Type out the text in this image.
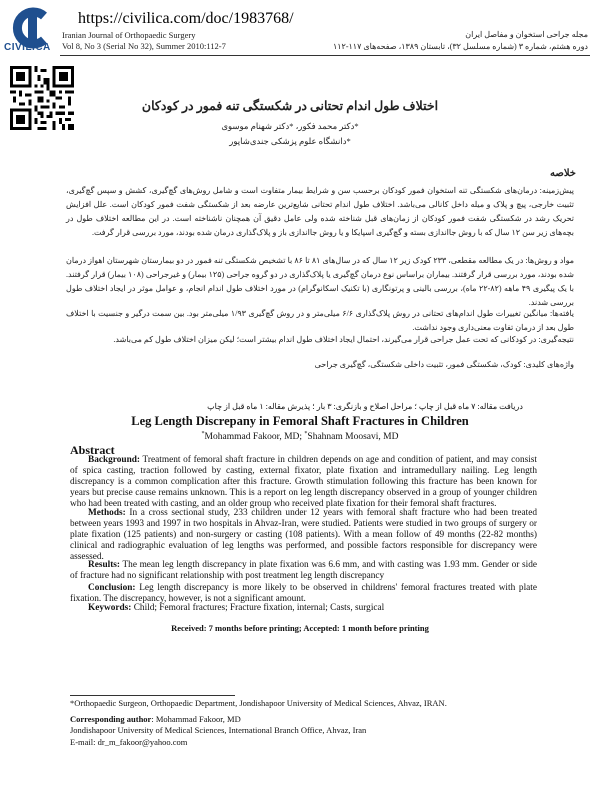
CIVILICA
https://civilica.com/doc/1983768/
Iranian Journal of Orthopaedic Surgery
Vol 8, No 3 (Serial No 32), Summer 2010:112-7
مجله جراحی استخوان و مفاصل ایران
دوره هشتم، شماره ۳ (شماره مسلسل ۳۲)، تابستان ۱۳۸۹، صفحه‌های ۱۱۷-۱۱۲
اختلاف طول اندام تحتانی در شکستگی تنه فمور در کودکان
*دکتر محمد فکور، *دکتر شهنام موسوی
*دانشگاه علوم پزشکی جندی‌شاپور
خلاصه
پیش‌زمینه: درمان‌های شکستگی تنه استخوان فمور کودکان برحسب سن و شرایط بیمار متفاوت است و شامل روش‌های گچ‌گیری، کشش و سپس گچ‌گیری، تثبیت خارجی، پیچ و پلاک و میله داخل کانالی می‌باشد. اختلاف طول اندام تحتانی شایع‌ترین عارضه بعد از شکستگی شفت فمور کودکان است. علل افزایش تحریک رشد در شکستگی شفت فمور کودکان از زمان‌های قبل شناخته شده ولی عامل دقیق آن همچنان ناشناخته است. در این مطالعه اختلاف طول در بچه‌های زیر سن ۱۲ سال که با روش جااندازی بسته و گچ‌گیری اسپایکا و یا روش جااندازی باز و پلاک‌گذاری درمان شده بودند، مورد بررسی قرار گرفت.
مواد و روش‌ها: در یک مطالعه مقطعی، ۲۳۳ کودک زیر ۱۲ سال که در سال‌های ۸۱ تا ۸۶ با تشخیص شکستگی تنه فمور در دو بیمارستان شهرستان اهواز درمان شده بودند، مورد بررسی قرار گرفتند. بیماران براساس نوع درمان گچ‌گیری یا پلاک‌گذاری در دو گروه جراحی (۱۲۵ بیمار) و غیرجراحی (۱۰۸ بیمار) قرار گرفتند. با یک پیگیری ۴۹ ماهه (۸۲-۲۲ ماه)، بررسی بالینی و پرتونگاری (با تکنیک اسکانوگرام) در مورد اختلاف طول اندام انجام، و عوامل موثر در ایجاد اختلاف طول بررسی شدند.
یافته‌ها: میانگین تغییرات طول اندام‌های تحتانی در روش پلاک‌گذاری ۶/۶ میلی‌متر و در روش گچ‌گیری ۱/۹۳ میلی‌متر بود. بین سمت درگیر و جنسیت با اختلاف طول بعد از درمان تفاوت معنی‌داری وجود نداشت.
نتیجه‌گیری: در کودکانی که تحت عمل جراحی قرار می‌گیرند، احتمال ایجاد اختلاف طول اندام بیشتر است؛ لیکن میزان اختلاف طول کم می‌باشد.
واژه‌های کلیدی: کودک، شکستگی فمور، تثبیت داخلی شکستگی، گچ‌گیری جراحی
دریافت مقاله: ۷ ماه قبل از چاپ ؛ مراحل اصلاح و بازنگری: ۳ بار ؛ پذیرش مقاله: ۱ ماه قبل از چاپ
Leg Length Discrepany in Femoral Shaft Fractures in Children
*Mohammad Fakoor, MD; *Shahnam Moosavi, MD
Abstract
Background: Treatment of femoral shaft fracture in children depends on age and condition of patient, and may consist of spica casting, traction followed by casting, external fixator, plate fixation and intramedullary nailing. Leg length discrepancy is a common complication after this fracture. Growth stimulation following this fracture has been known for years but precise cause remains unknown. This is a report on leg length discrepancy observed in a group of younger children who had been treated with casting, and an older group who received plate fixation for their femoral shaft fractures.
Methods: In a cross sectional study, 233 children under 12 years with femoral shaft fracture who had been treated between years 1993 and 1997 in two hospitals in Ahvaz-Iran, were studied. Patients were studied in two groups of surgery or plate fixation (125 patients) and non-surgery or casting (108 patients). With a mean follow of 49 months (22-82 months) clinical and radiographic evaluation of leg lengths was performed, and possible factors responsible for discrepancy were assessed.
Results: The mean leg length discrepancy in plate fixation was 6.6 mm, and with casting was 1.93 mm. Gender or side of fracture had no significant relationship with post treatment leg length discrepancy
Conclusion: Leg length discrepancy is more likely to be observed in childrens' femoral fractures treated with plate fixation. The discrepancy, however, is not a significant amount.
Keywords: Child; Femoral fractures; Fracture fixation, internal; Casts, surgical
Received: 7 months before printing; Accepted: 1 month before printing
*Orthopaedic Surgeon, Orthopaedic Department, Jondishapoor University of Medical Sciences, Ahvaz, IRAN.
Corresponding author: Mohammad Fakoor, MD
Jondishapoor University of Medical Sciences, International Branch Office, Ahvaz, Iran
E-mail: dr_m_fakoor@yahoo.com
